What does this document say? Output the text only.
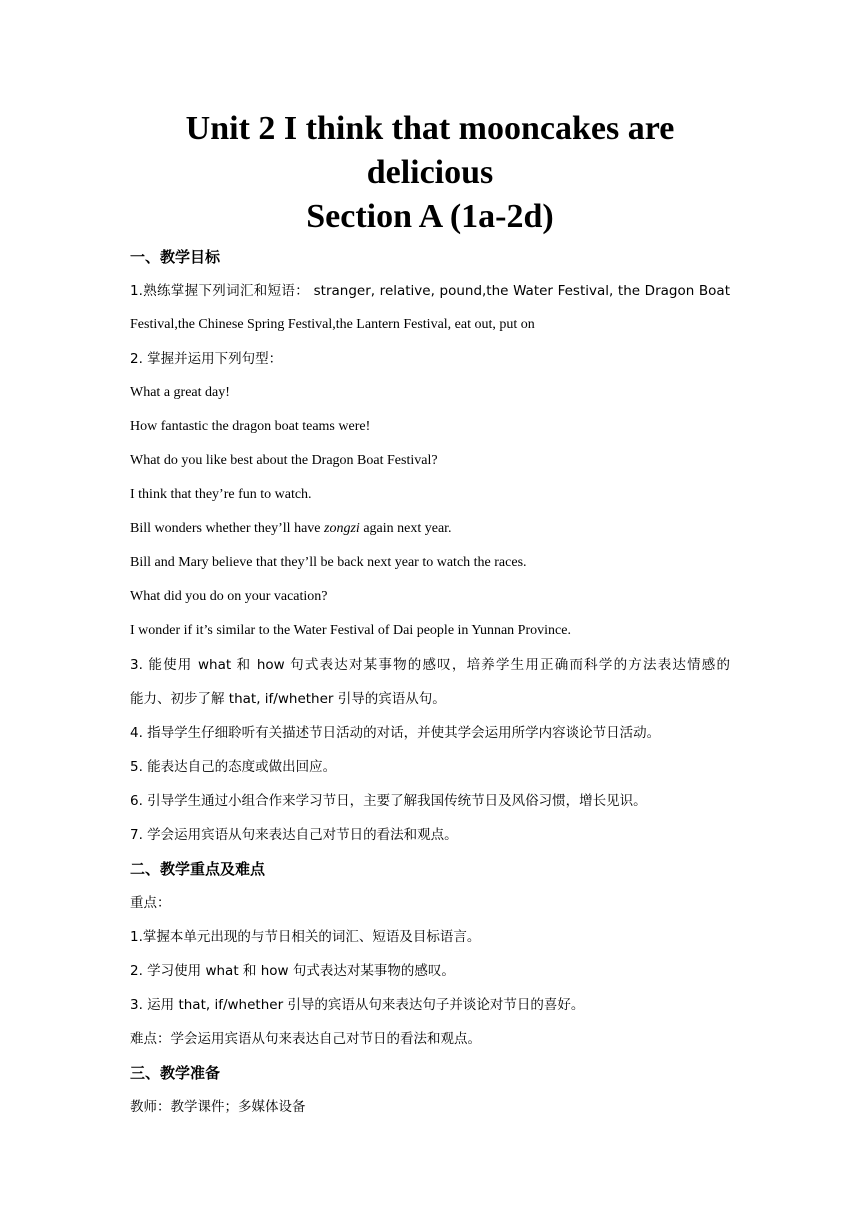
Unit 2 I think that mooncakes are
delicious
Section A (1a-2d)
一、教学目标
1.熟练掌握下列词汇和短语： stranger, relative, pound,the Water Festival, the Dragon Boat
Festival,the Chinese Spring Festival,the Lantern Festival, eat out, put on
2. 掌握并运用下列句型：
What a great day!
How fantastic the dragon boat teams were!
What do you like best about the Dragon Boat Festival?
I think that they’re fun to watch.
Bill wonders whether they’ll have zongzi again next year.
Bill and Mary believe that they’ll be back next year to watch the races.
What did you do on your vacation?
I wonder if it’s similar to the Water Festival of Dai people in Yunnan Province.
3. 能使用 what 和 how 句式表达对某事物的感叹，培养学生用正确而科学的方法表达情感的
能力、初步了解 that, if/whether 引导的宾语从句。
4. 指导学生仔细聆听有关描述节日活动的对话，并使其学会运用所学内容谈论节日活动。
5. 能表达自己的态度或做出回应。
6. 引导学生通过小组合作来学习节日，主要了解我国传统节日及风俗习惯，增长见识。
7. 学会运用宾语从句来表达自己对节日的看法和观点。
二、教学重点及难点
重点：
1.掌握本单元出现的与节日相关的词汇、短语及目标语言。
2. 学习使用 what 和 how 句式表达对某事物的感叹。
3. 运用 that, if/whether 引导的宾语从句来表达句子并谈论对节日的喜好。
难点：学会运用宾语从句来表达自己对节日的看法和观点。
三、教学准备
教师：教学课件；多媒体设备
